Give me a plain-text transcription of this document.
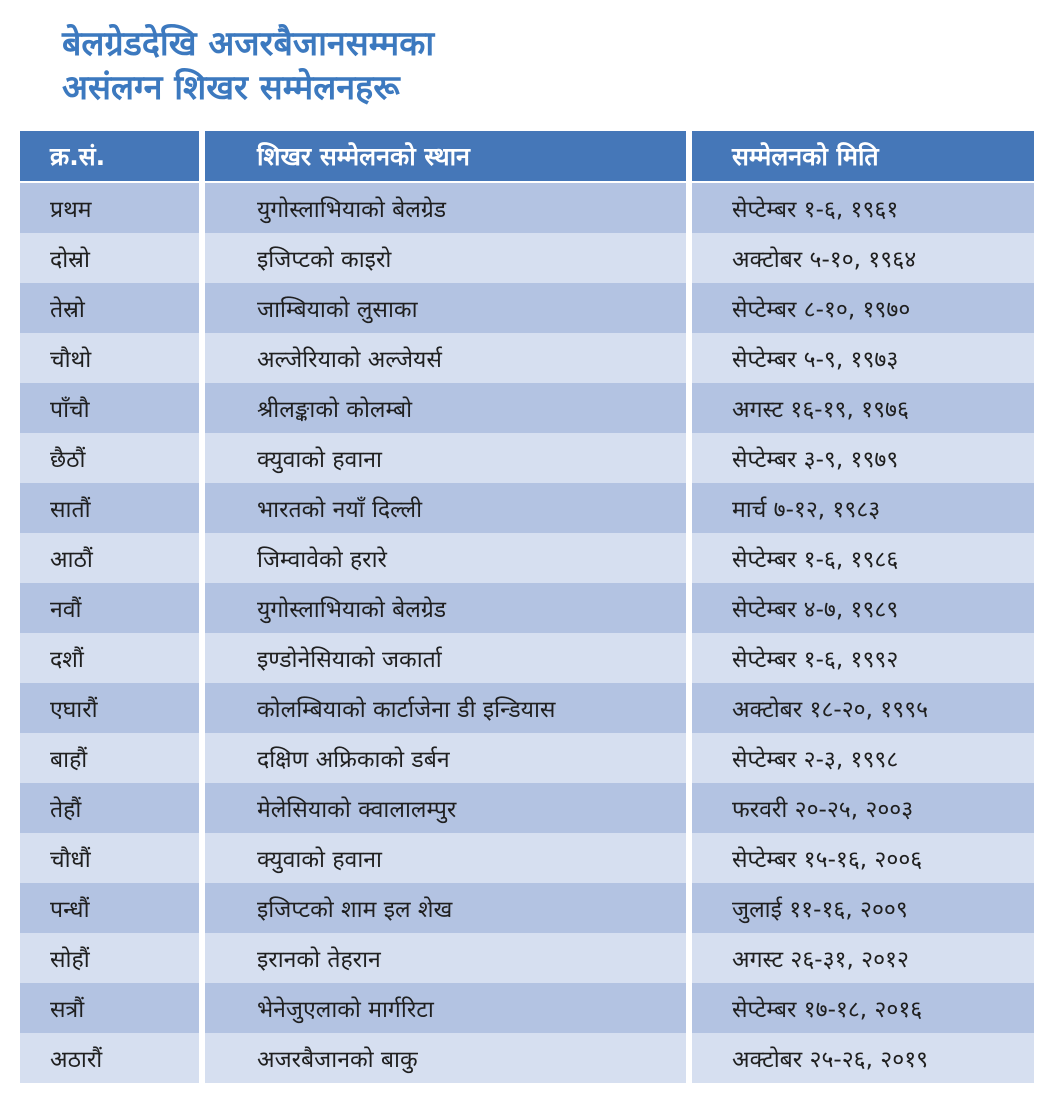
बेलग्रेडदेखि अजरबैजानसम्मका
असंलग्न शिखर सम्मेलनहरू
क्र.सं.	शिखर सम्मेलनको स्थान	सम्मेलनको मिति
प्रथम	युगोस्लाभियाको बेलग्रेड	सेप्टेम्बर १-६, १९६१
दोस्रो	इजिप्टको काइरो	अक्टोबर ५-१०, १९६४
तेस्रो	जाम्बियाको लुसाका	सेप्टेम्बर ८-१०, १९७०
चौथो	अल्जेरियाको अल्जेयर्स	सेप्टेम्बर ५-९, १९७३
पाँचौ	श्रीलङ्काको कोलम्बो	अगस्ट १६-१९, १९७६
छैठौं	क्युवाको हवाना	सेप्टेम्बर ३-९, १९७९
सातौं	भारतको नयाँ दिल्ली	मार्च ७-१२, १९८३
आठौं	जिम्वावेको हरारे	सेप्टेम्बर १-६, १९८६
नवौं	युगोस्लाभियाको बेलग्रेड	सेप्टेम्बर ४-७, १९८९
दशौं	इण्डोनेसियाको जकार्ता	सेप्टेम्बर १-६, १९९२
एघारौं	कोलम्बियाको कार्टाजेना डी इन्डियास	अक्टोबर १८-२०, १९९५
बाहौं	दक्षिण अफ्रिकाको डर्बन	सेप्टेम्बर २-३, १९९८
तेहौं	मेलेसियाको क्वालालम्पुर	फरवरी २०-२५, २००३
चौधौं	क्युवाको हवाना	सेप्टेम्बर १५-१६, २००६
पन्धौं	इजिप्टको शाम इल शेख	जुलाई ११-१६, २००९
सोहौं	इरानको तेहरान	अगस्ट २६-३१, २०१२
सत्रौं	भेनेजुएलाको मार्गरिटा	सेप्टेम्बर १७-१८, २०१६
अठारौं	अजरबैजानको बाकु	अक्टोबर २५-२६, २०१९
